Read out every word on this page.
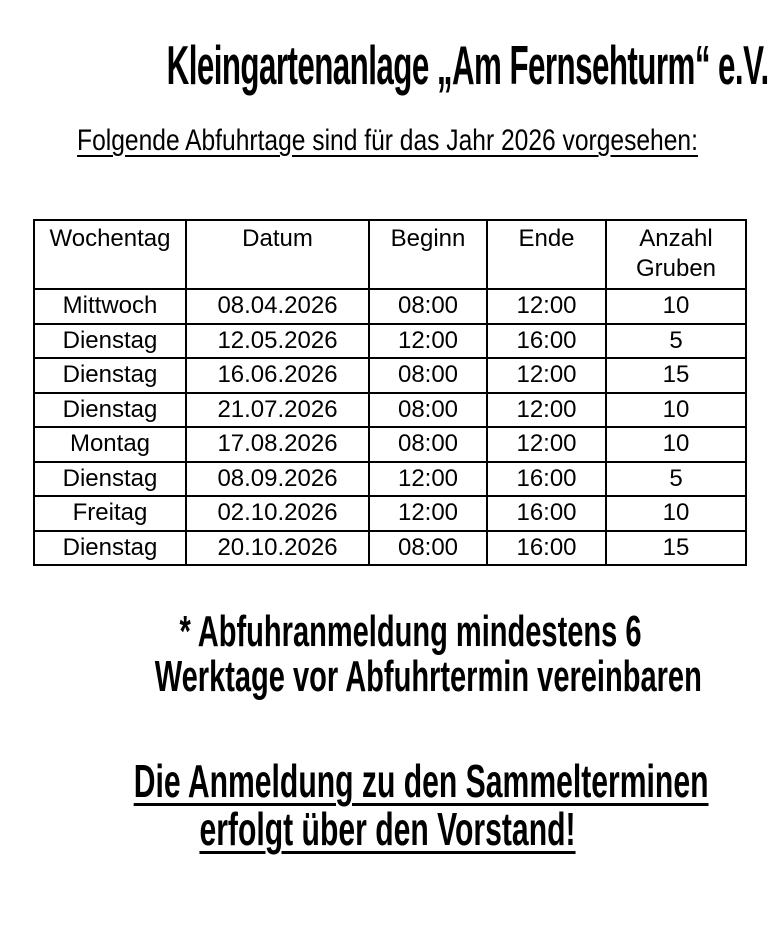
Kleingartenanlage „Am Fernsehturm“ e.V.

Folgende Abfuhrtage sind für das Jahr 2026 vorgesehen:

Wochentag	Datum	Beginn	Ende	Anzahl Gruben
Mittwoch	08.04.2026	08:00	12:00	10
Dienstag	12.05.2026	12:00	16:00	5
Dienstag	16.06.2026	08:00	12:00	15
Dienstag	21.07.2026	08:00	12:00	10
Montag	17.08.2026	08:00	12:00	10
Dienstag	08.09.2026	12:00	16:00	5
Freitag	02.10.2026	12:00	16:00	10
Dienstag	20.10.2026	08:00	16:00	15
* Abfuhranmeldung mindestens 6
Werktage vor Abfuhrtermin vereinbaren
Die Anmeldung zu den Sammelterminen
erfolgt über den Vorstand!
